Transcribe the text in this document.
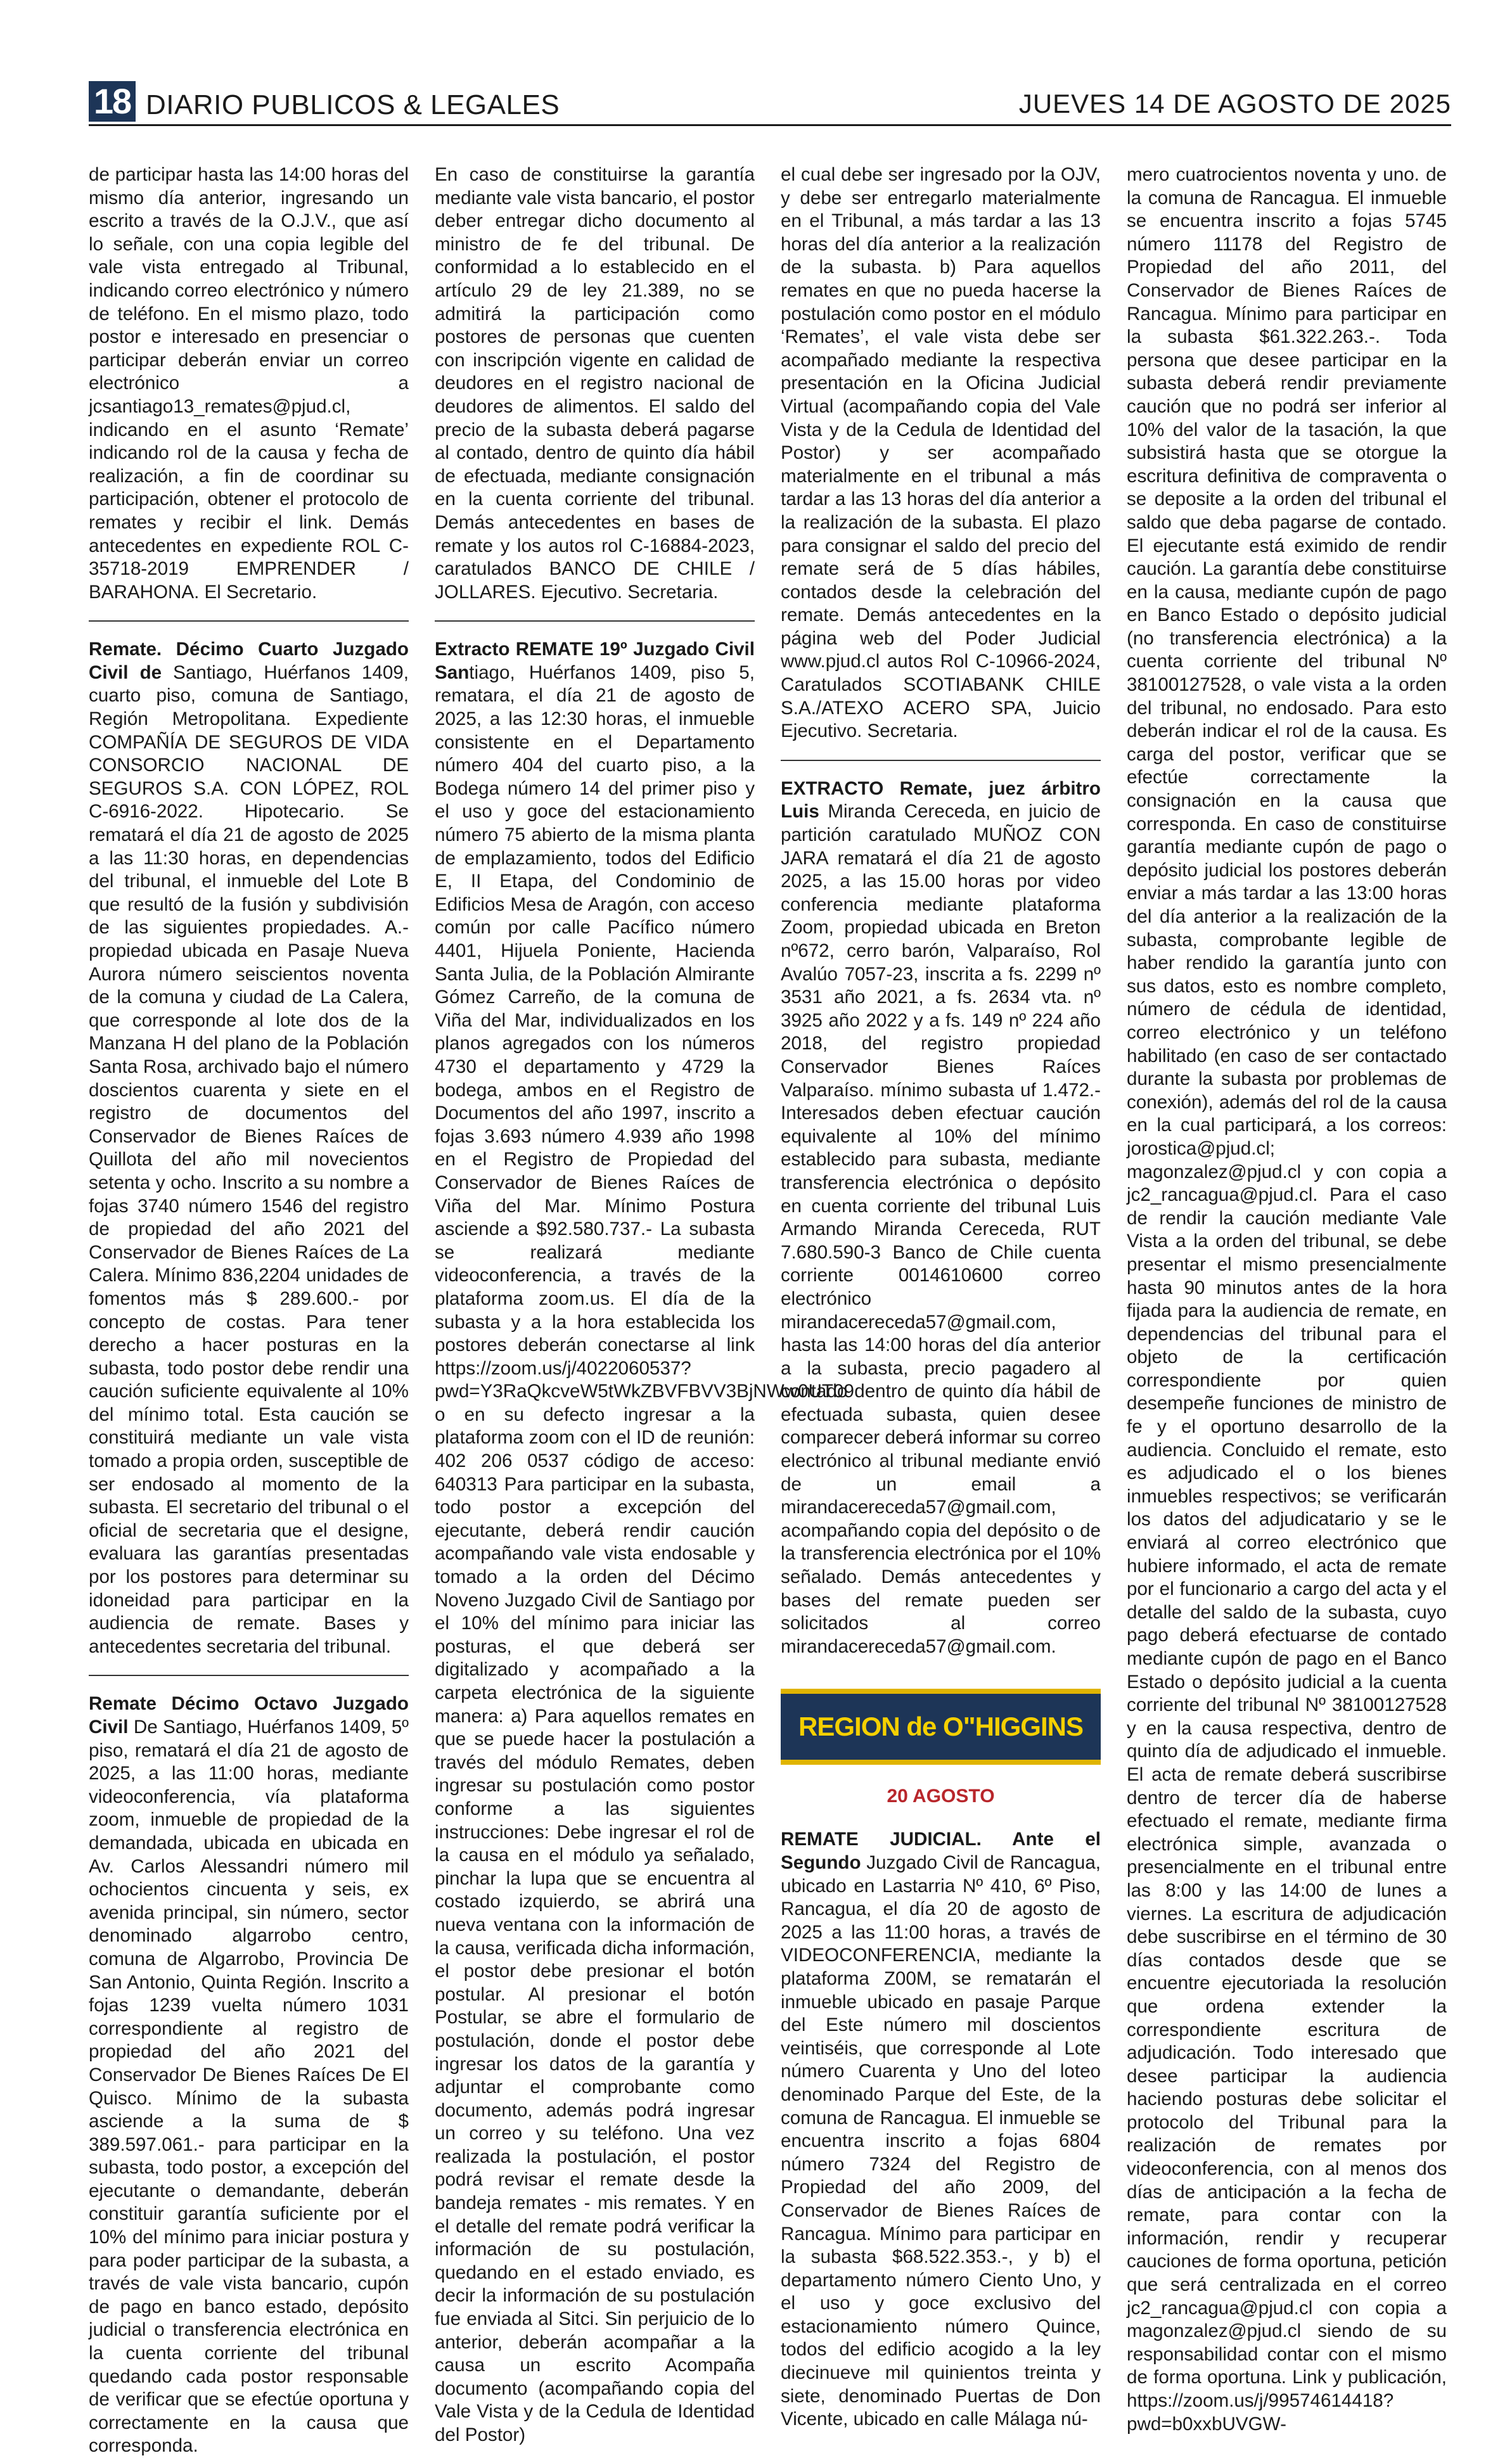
18 DIARIO PUBLICOS & LEGALES	JUEVES 14 DE AGOSTO DE 2025

de participar hasta las 14:00 horas del mismo día anterior, ingresando un escrito a través de la O.J.V., que así lo señale, con una copia legible del vale vista entregado al Tribunal, indicando correo electrónico y número de teléfono. En el mismo plazo, todo postor e interesado en presenciar o participar deberán enviar un correo electrónico a jcsantiago13_remates@pjud.cl, indicando en el asunto ‘Remate’ indicando rol de la causa y fecha de realización, a fin de coordinar su participación, obtener el protocolo de remates y recibir el link. Demás antecedentes en expediente ROL C-35718-2019 EMPRENDER / BARAHONA. El Secretario.

Remate. Décimo Cuarto Juzgado Civil de Santiago, Huérfanos 1409, cuarto piso, comuna de Santiago, Región Metropolitana. Expediente COMPAÑÍA DE SEGUROS DE VIDA CONSORCIO NACIONAL DE SEGUROS S.A. CON LÓPEZ, ROL C-6916-2022. Hipotecario. Se rematará el día 21 de agosto de 2025 a las 11:30 horas, en dependencias del tribunal, el inmueble del Lote B que resultó de la fusión y subdivisión de las siguientes propiedades. A.- propiedad ubicada en Pasaje Nueva Aurora número seiscientos noventa de la comuna y ciudad de La Calera, que corresponde al lote dos de la Manzana H del plano de la Población Santa Rosa, archivado bajo el número doscientos cuarenta y siete en el registro de documentos del Conservador de Bienes Raíces de Quillota del año mil novecientos setenta y ocho. Inscrito a su nombre a fojas 3740 número 1546 del registro de propiedad del año 2021 del Conservador de Bienes Raíces de La Calera. Mínimo 836,2204 unidades de fomentos más $ 289.600.- por concepto de costas. Para tener derecho a hacer posturas en la subasta, todo postor debe rendir una caución suficiente equivalente al 10% del mínimo total. Esta caución se constituirá mediante un vale vista tomado a propia orden, susceptible de ser endosado al momento de la subasta. El secretario del tribunal o el oficial de secretaria que el designe, evaluara las garantías presentadas por los postores para determinar su idoneidad para participar en la audiencia de remate. Bases y antecedentes secretaria del tribunal.

Remate Décimo Octavo Juzgado Civil De Santiago, Huérfanos 1409, 5º piso, rematará el día 21 de agosto de 2025, a las 11:00 horas, mediante videoconferencia, vía plataforma zoom, inmueble de propiedad de la demandada, ubicada en ubicada en Av. Carlos Alessandri número mil ochocientos cincuenta y seis, ex avenida principal, sin número, sector denominado algarrobo centro, comuna de Algarrobo, Provincia De San Antonio, Quinta Región. Inscrito a fojas 1239 vuelta número 1031 correspondiente al registro de propiedad del año 2021 del Conservador De Bienes Raíces De El Quisco. Mínimo de la subasta asciende a la suma de $ 389.597.061.- para participar en la subasta, todo postor, a excepción del ejecutante o demandante, deberán constituir garantía suficiente por el 10% del mínimo para iniciar postura y para poder participar de la subasta, a través de vale vista bancario, cupón de pago en banco estado, depósito judicial o transferencia electrónica en la cuenta corriente del tribunal quedando cada postor responsable de verificar que se efectúe oportuna y correctamente en la causa que corresponda.

En caso de constituirse la garantía mediante vale vista bancario, el postor deber entregar dicho documento al ministro de fe del tribunal. De conformidad a lo establecido en el artículo 29 de ley 21.389, no se admitirá la participación como postores de personas que cuenten con inscripción vigente en calidad de deudores en el registro nacional de deudores de alimentos. El saldo del precio de la subasta deberá pagarse al contado, dentro de quinto día hábil de efectuada, mediante consignación en la cuenta corriente del tribunal. Demás antecedentes en bases de remate y los autos rol C-16884-2023, caratulados BANCO DE CHILE / JOLLARES. Ejecutivo. Secretaria.

Extracto REMATE 19º Juzgado Civil Santiago, Huérfanos 1409, piso 5, rematara, el día 21 de agosto de 2025, a las 12:30 horas, el inmueble consistente en el Departamento número 404 del cuarto piso, a la Bodega número 14 del primer piso y el uso y goce del estacionamiento número 75 abierto de la misma planta de emplazamiento, todos del Edificio E, II Etapa, del Condominio de Edificios Mesa de Aragón, con acceso común por calle Pacífico número 4401, Hijuela Poniente, Hacienda Santa Julia, de la Población Almirante Gómez Carreño, de la comuna de Viña del Mar, individualizados en los planos agregados con los números 4730 el departamento y 4729 la bodega, ambos en el Registro de Documentos del año 1997, inscrito a fojas 3.693 número 4.939 año 1998 en el Registro de Propiedad del Conservador de Bienes Raíces de Viña del Mar. Mínimo Postura asciende a $92.580.737.- La subasta se realizará mediante videoconferencia, a través de la plataforma zoom.us. El día de la subasta y a la hora establecida los postores deberán conectarse al link https://zoom.us/j/4022060537?pwd=Y3RaQkcveW5tWkZBVFBVV3BjNWw0UT09 o en su defecto ingresar a la plataforma zoom con el ID de reunión: 402 206 0537 código de acceso: 640313 Para participar en la subasta, todo postor a excepción del ejecutante, deberá rendir caución acompañando vale vista endosable y tomado a la orden del Décimo Noveno Juzgado Civil de Santiago por el 10% del mínimo para iniciar las posturas, el que deberá ser digitalizado y acompañado a la carpeta electrónica de la siguiente manera: a) Para aquellos remates en que se puede hacer la postulación a través del módulo Remates, deben ingresar su postulación como postor conforme a las siguientes instrucciones: Debe ingresar el rol de la causa en el módulo ya señalado, pinchar la lupa que se encuentra al costado izquierdo, se abrirá una nueva ventana con la información de la causa, verificada dicha información, el postor debe presionar el botón postular. Al presionar el botón Postular, se abre el formulario de postulación, donde el postor debe ingresar los datos de la garantía y adjuntar el comprobante como documento, además podrá ingresar un correo y su teléfono. Una vez realizada la postulación, el postor podrá revisar el remate desde la bandeja remates - mis remates. Y en el detalle del remate podrá verificar la información de su postulación, quedando en el estado enviado, es decir la información de su postulación fue enviada al Sitci. Sin perjuicio de lo anterior, deberán acompañar a la causa un escrito Acompaña documento (acompañando copia del Vale Vista y de la Cedula de Identidad del Postor)

el cual debe ser ingresado por la OJV, y debe ser entregarlo materialmente en el Tribunal, a más tardar a las 13 horas del día anterior a la realización de la subasta. b) Para aquellos remates en que no pueda hacerse la postulación como postor en el módulo ‘Remates’, el vale vista debe ser acompañado mediante la respectiva presentación en la Oficina Judicial Virtual (acompañando copia del Vale Vista y de la Cedula de Identidad del Postor) y ser acompañado materialmente en el tribunal a más tardar a las 13 horas del día anterior a la realización de la subasta. El plazo para consignar el saldo del precio del remate será de 5 días hábiles, contados desde la celebración del remate. Demás antecedentes en la página web del Poder Judicial www.pjud.cl autos Rol C-10966-2024, Caratulados SCOTIABANK CHILE S.A./ATEXO ACERO SPA, Juicio Ejecutivo. Secretaria.

EXTRACTO Remate, juez árbitro Luis Miranda Cereceda, en juicio de partición caratulado MUÑOZ CON JARA rematará el día 21 de agosto 2025, a las 15.00 horas por video conferencia mediante plataforma Zoom, propiedad ubicada en Breton nº672, cerro barón, Valparaíso, Rol Avalúo 7057-23, inscrita a fs. 2299 nº 3531 año 2021, a fs. 2634 vta. nº 3925 año 2022 y a fs. 149 nº 224 año 2018, del registro propiedad Conservador Bienes Raíces Valparaíso. mínimo subasta uf 1.472.- Interesados deben efectuar caución equivalente al 10% del mínimo establecido para subasta, mediante transferencia electrónica o depósito en cuenta corriente del tribunal Luis Armando Miranda Cereceda, RUT 7.680.590-3 Banco de Chile cuenta corriente 0014610600 correo electrónico mirandacereceda57@gmail.com, hasta las 14:00 horas del día anterior a la subasta, precio pagadero al contado dentro de quinto día hábil de efectuada subasta, quien desee comparecer deberá informar su correo electrónico al tribunal mediante envió de un email a mirandacereceda57@gmail.com, acompañando copia del depósito o de la transferencia electrónica por el 10% señalado. Demás antecedentes y bases del remate pueden ser solicitados al correo mirandacereceda57@gmail.com.

REGION de O"HIGGINS
20 AGOSTO

REMATE JUDICIAL. Ante el Segundo Juzgado Civil de Rancagua, ubicado en Lastarria Nº 410, 6º Piso, Rancagua, el día 20 de agosto de 2025 a las 11:00 horas, a través de VIDEOCONFERENCIA, mediante la plataforma Z00M, se rematarán el inmueble ubicado en pasaje Parque del Este número mil doscientos veintiséis, que corresponde al Lote número Cuarenta y Uno del loteo denominado Parque del Este, de la comuna de Rancagua. El inmueble se encuentra inscrito a fojas 6804 número 7324 del Registro de Propiedad del año 2009, del Conservador de Bienes Raíces de Rancagua. Mínimo para participar en la subasta $68.522.353.-, y b) el departamento número Ciento Uno, y el uso y goce exclusivo del estacionamiento número Quince, todos del edificio acogido a la ley diecinueve mil quinientos treinta y siete, denominado Puertas de Don Vicente, ubicado en calle Málaga nú-

mero cuatrocientos noventa y uno. de la comuna de Rancagua. El inmueble se encuentra inscrito a fojas 5745 número 11178 del Registro de Propiedad del año 2011, del Conservador de Bienes Raíces de Rancagua. Mínimo para participar en la subasta $61.322.263.-. Toda persona que desee participar en la subasta deberá rendir previamente caución que no podrá ser inferior al 10% del valor de la tasación, la que subsistirá hasta que se otorgue la escritura definitiva de compraventa o se deposite a la orden del tribunal el saldo que deba pagarse de contado. El ejecutante está eximido de rendir caución. La garantía debe constituirse en la causa, mediante cupón de pago en Banco Estado o depósito judicial (no transferencia electrónica) a la cuenta corriente del tribunal Nº 38100127528, o vale vista a la orden del tribunal, no endosado. Para esto deberán indicar el rol de la causa. Es carga del postor, verificar que se efectúe correctamente la consignación en la causa que corresponda. En caso de constituirse garantía mediante cupón de pago o depósito judicial los postores deberán enviar a más tardar a las 13:00 horas del día anterior a la realización de la subasta, comprobante legible de haber rendido la garantía junto con sus datos, esto es nombre completo, número de cédula de identidad, correo electrónico y un teléfono habilitado (en caso de ser contactado durante la subasta por problemas de conexión), además del rol de la causa en la cual participará, a los correos: jorostica@pjud.cl; magonzalez@pjud.cl y con copia a jc2_rancagua@pjud.cl. Para el caso de rendir la caución mediante Vale Vista a la orden del tribunal, se debe presentar el mismo presencialmente hasta 90 minutos antes de la hora fijada para la audiencia de remate, en dependencias del tribunal para el objeto de la certificación correspondiente por quien desempeñe funciones de ministro de fe y el oportuno desarrollo de la audiencia. Concluido el remate, esto es adjudicado el o los bienes inmuebles respectivos; se verificarán los datos del adjudicatario y se le enviará al correo electrónico que hubiere informado, el acta de remate por el funcionario a cargo del acta y el detalle del saldo de la subasta, cuyo pago deberá efectuarse de contado mediante cupón de pago en el Banco Estado o depósito judicial a la cuenta corriente del tribunal Nº 38100127528 y en la causa respectiva, dentro de quinto día de adjudicado el inmueble. El acta de remate deberá suscribirse dentro de tercer día de haberse efectuado el remate, mediante firma electrónica simple, avanzada o presencialmente en el tribunal entre las 8:00 y las 14:00 de lunes a viernes. La escritura de adjudicación debe suscribirse en el término de 30 días contados desde que se encuentre ejecutoriada la resolución que ordena extender la correspondiente escritura de adjudicación. Todo interesado que desee participar la audiencia haciendo posturas debe solicitar el protocolo del Tribunal para la realización de remates por videoconferencia, con al menos dos días de anticipación a la fecha de remate, para contar con la información, rendir y recuperar cauciones de forma oportuna, petición que será centralizada en el correo jc2_rancagua@pjud.cl con copia a magonzalez@pjud.cl siendo de su responsabilidad contar con el mismo de forma oportuna. Link y publicación, https://zoom.us/j/99574614418?pwd=b0xxbUVGW-
